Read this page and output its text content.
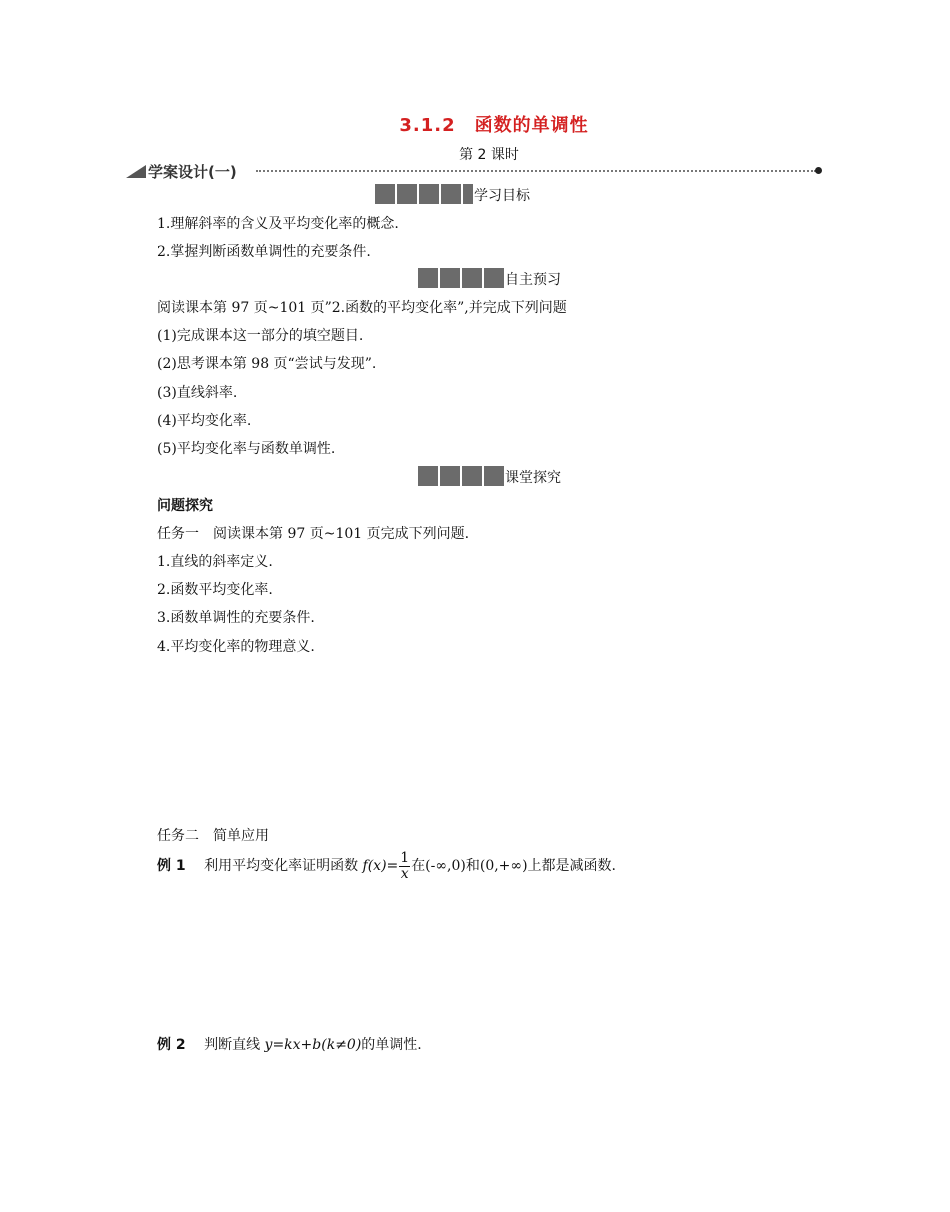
3.1.2　函数的单调性
第 2 课时
学案设计(一)
学习目标
1.理解斜率的含义及平均变化率的概念.
2.掌握判断函数单调性的充要条件.
自主预习
阅读课本第 97 页~101 页”2.函数的平均变化率”,并完成下列问题
(1)完成课本这一部分的填空题目.
(2)思考课本第 98 页“尝试与发现”.
(3)直线斜率.
(4)平均变化率.
(5)平均变化率与函数单调性.
课堂探究
问题探究
任务一　阅读课本第 97 页~101 页完成下列问题.
1.直线的斜率定义.
2.函数平均变化率.
3.函数单调性的充要条件.
4.平均变化率的物理意义.
任务二　简单应用
例 1 　 利用平均变化率证明函数 $f(x)= \frac{1}{x}$ 在(-∞,0)和(0,+∞)上都是减函数.
例 2 　 判断直线 y=kx+b(k≠0)的单调性.
